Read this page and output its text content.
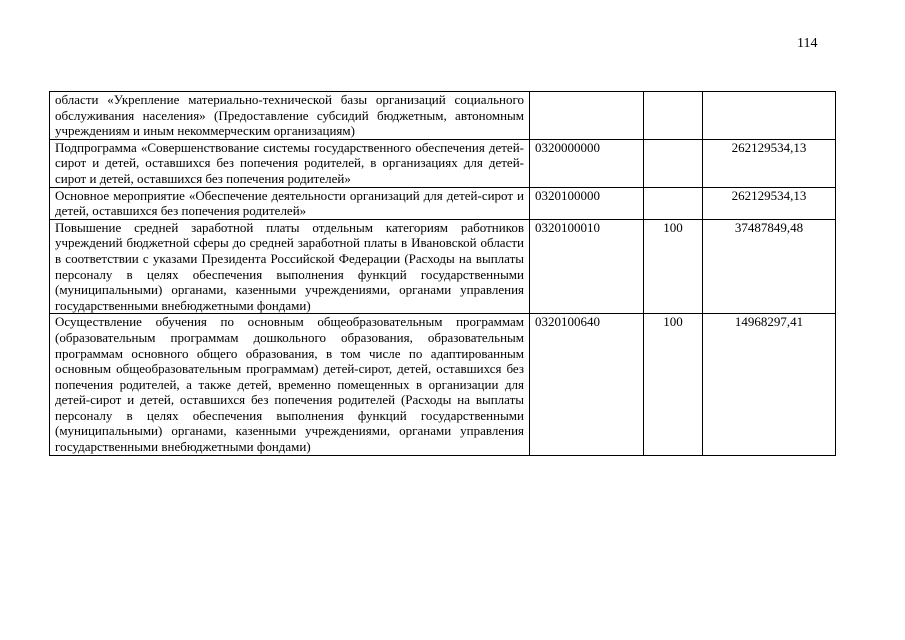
114
области «Укрепление материально-технической базы организаций социального обслуживания населения» (Предоставление субсидий бюджетным, автономным учреждениям и иным некоммерческим организациям)			
Подпрограмма «Совершенствование системы государственного обеспечения детей-сирот и детей, оставшихся без попечения родителей, в организациях для детей-сирот и детей, оставшихся без попечения родителей»	0320000000		262129534,13
Основное мероприятие «Обеспечение деятельности организаций для детей-сирот и детей, оставшихся без попечения родителей»	0320100000		262129534,13
Повышение средней заработной платы отдельным категориям работников учреждений бюджетной сферы до средней заработной платы в Ивановской области в соответствии с указами Президента Российской Федерации (Расходы на выплаты персоналу в целях обеспечения выполнения функций государственными (муниципальными) органами, казенными учреждениями, органами управления государственными внебюджетными фондами)	0320100010	100	37487849,48
Осуществление обучения по основным общеобразовательным программам (образовательным программам дошкольного образования, образовательным программам основного общего образования, в том числе по адаптированным основным общеобразовательным программам) детей-сирот, детей, оставшихся без попечения родителей, а также детей, временно помещенных в организации для детей-сирот и детей, оставшихся без попечения родителей (Расходы на выплаты персоналу в целях обеспечения выполнения функций государственными (муниципальными) органами, казенными учреждениями, органами управления государственными внебюджетными фондами)	0320100640	100	14968297,41
